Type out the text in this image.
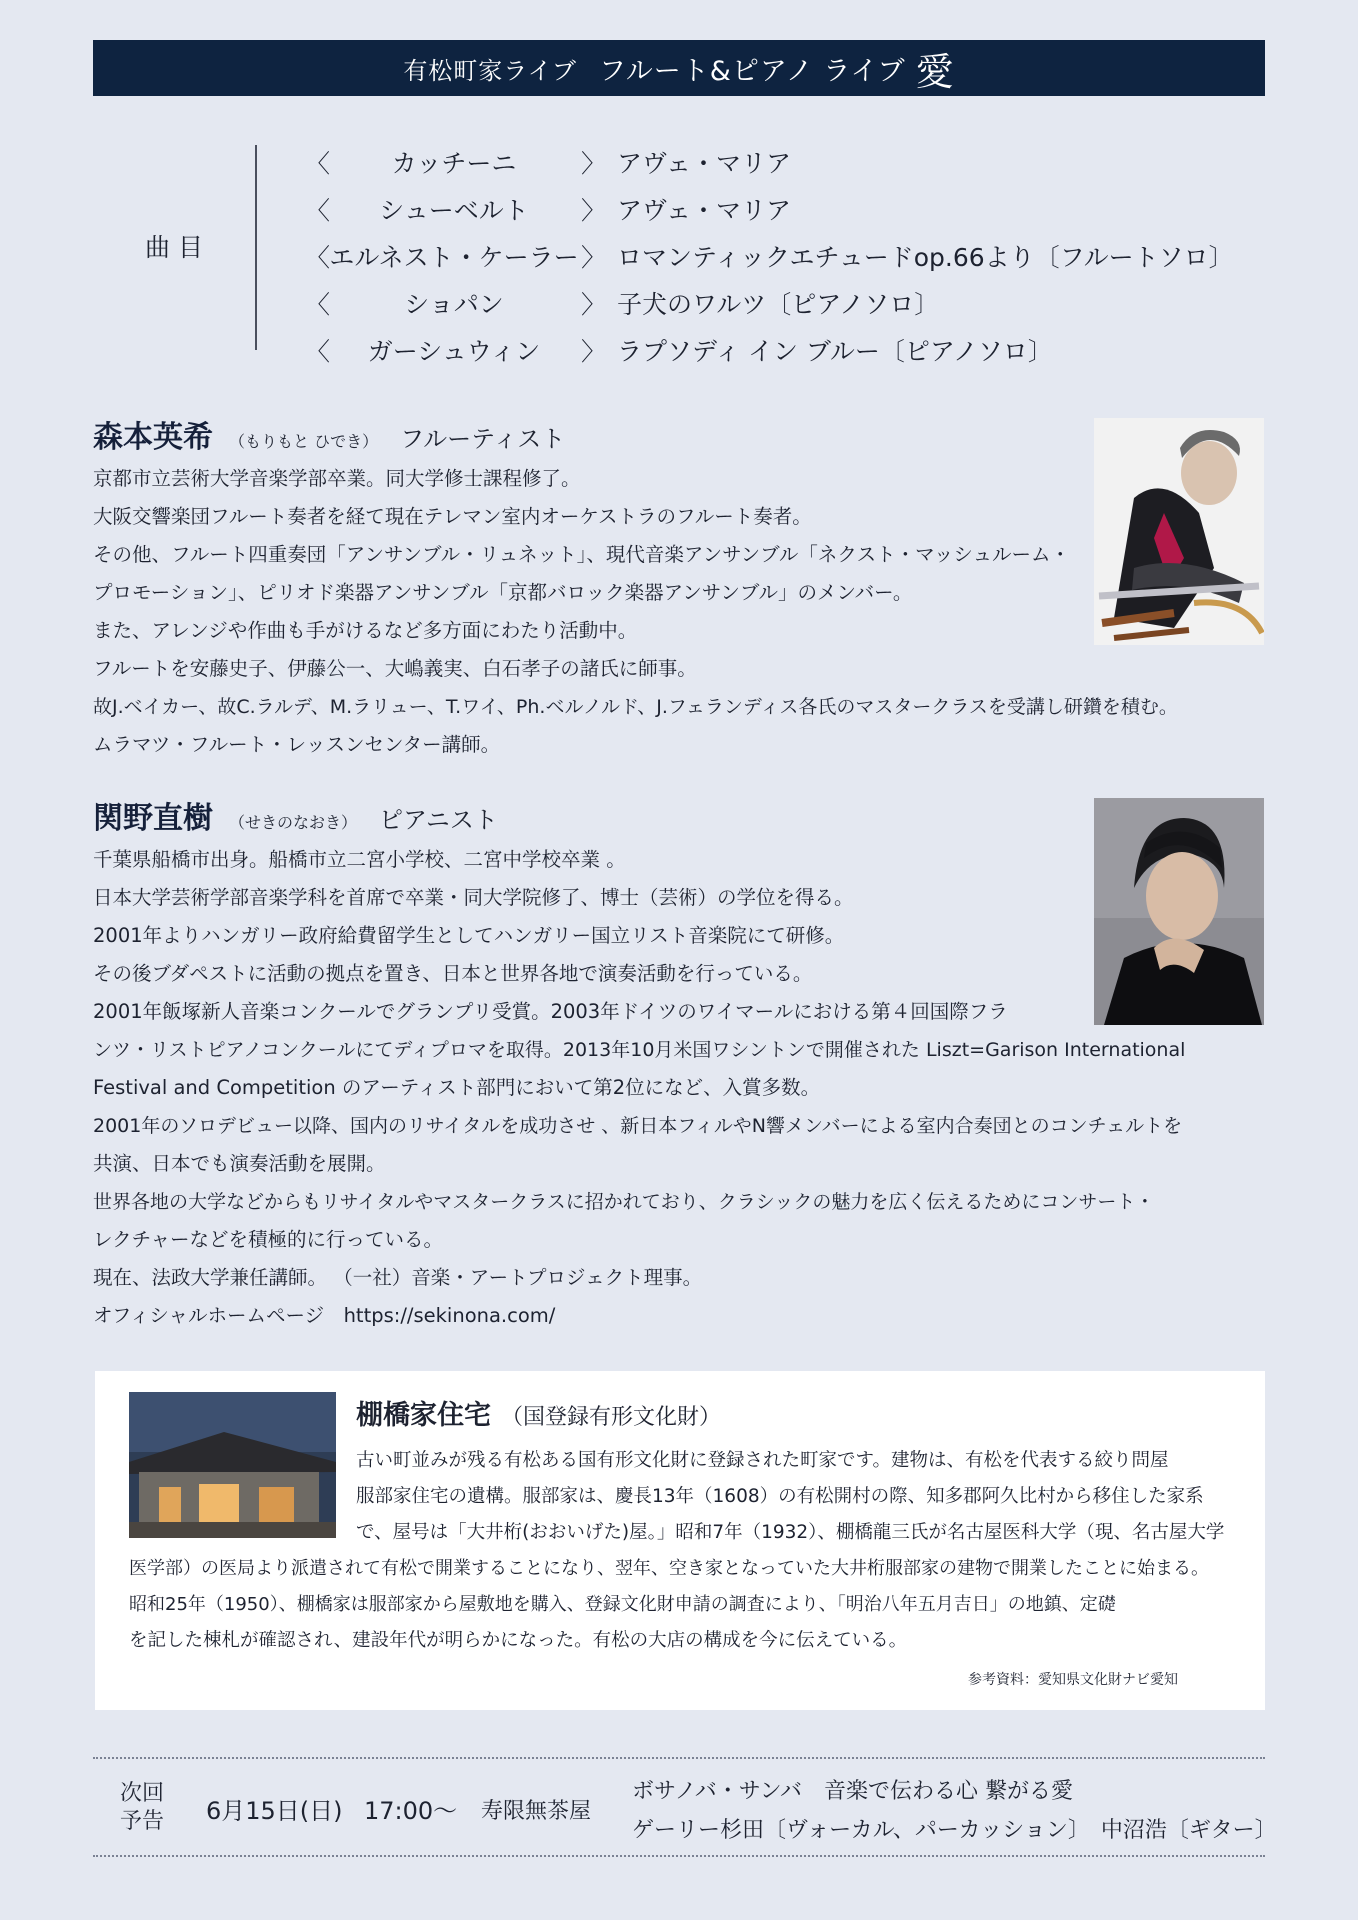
有松町家ライブ フルート&ピアノ ライブ 愛
曲目
〈	カッチーニ	〉 アヴェ・マリア
〈	シューベルト	〉 アヴェ・マリア
〈 エルネスト・ケーラー 〉 ロマンティックエチュードop.66より〔フルートソロ〕
〈	ショパン	〉 子犬のワルツ〔ピアノソロ〕
〈	ガーシュウィン	〉 ラプソディ イン ブルー〔ピアノソロ〕
森本英希 （もりもと ひでき） フルーティスト

京都市立芸術大学音楽学部卒業。同大学修士課程修了。

大阪交響楽団フルート奏者を経て現在テレマン室内オーケストラのフルート奏者。

その他、フルート四重奏団「アンサンブル・リュネット」、現代音楽アンサンブル「ネクスト・マッシュルーム・

プロモーション」、ピリオド楽器アンサンブル「京都バロック楽器アンサンブル」のメンバー。

また、アレンジや作曲も手がけるなど多方面にわたり活動中。

フルートを安藤史子、伊藤公一、大嶋義実、白石孝子の諸氏に師事。

故J.ベイカー、故C.ラルデ、M.ラリュー、T.ワイ、Ph.ベルノルド、J.フェランディス各氏のマスタークラスを受講し研鑽を積む。

ムラマツ・フルート・レッスンセンター講師。

関野直樹 （せきのなおき） ピアニスト

千葉県船橋市出身。船橋市立二宮小学校、二宮中学校卒業 。

日本大学芸術学部音楽学科を首席で卒業・同大学院修了、博士（芸術）の学位を得る。

2001年よりハンガリー政府給費留学生としてハンガリー国立リスト音楽院にて研修。

その後ブダペストに活動の拠点を置き、日本と世界各地で演奏活動を行っている。

2001年飯塚新人音楽コンクールでグランプリ受賞。2003年ドイツのワイマールにおける第４回国際フラ

ンツ・リストピアノコンクールにてディプロマを取得。2013年10月米国ワシントンで開催された Liszt=Garison International

Festival and Competition のアーティスト部門において第2位になど、入賞多数。

2001年のソロデビュー以降、国内のリサイタルを成功させ 、新日本フィルやN響メンバーによる室内合奏団とのコンチェルトを

共演、日本でも演奏活動を展開。

世界各地の大学などからもリサイタルやマスタークラスに招かれており、クラシックの魅力を広く伝えるためにコンサート・

レクチャーなどを積極的に行っている。

現在、法政大学兼任講師。 （一社）音楽・アートプロジェクト理事。

オフィシャルホームページ　https://sekinona.com/

棚橋家住宅 （国登録有形文化財）

古い町並みが残る有松ある国有形文化財に登録された町家です。建物は、有松を代表する絞り問屋

服部家住宅の遺構。服部家は、慶長13年（1608）の有松開村の際、知多郡阿久比村から移住した家系

で、屋号は「大井桁(おおいげた)屋。」昭和7年（1932）、棚橋龍三氏が名古屋医科大学（現、名古屋大学

医学部）の医局より派遣されて有松で開業することになり、翌年、空き家となっていた大井桁服部家の建物で開業したことに始まる。

昭和25年（1950）、棚橋家は服部家から屋敷地を購入、登録文化財申請の調査により、「明治八年五月吉日」の地鎮、定礎

を記した棟札が確認され、建設年代が明らかになった。有松の大店の構成を今に伝えている。

参考資料：愛知県文化財ナビ愛知
次回
予告	6月15日(日) 17:00～ 寿限無茶屋
ボサノバ・サンバ　音楽で伝わる心 繋がる愛
ゲーリー杉田〔ヴォーカル、パーカッション〕　中沼浩〔ギター〕
